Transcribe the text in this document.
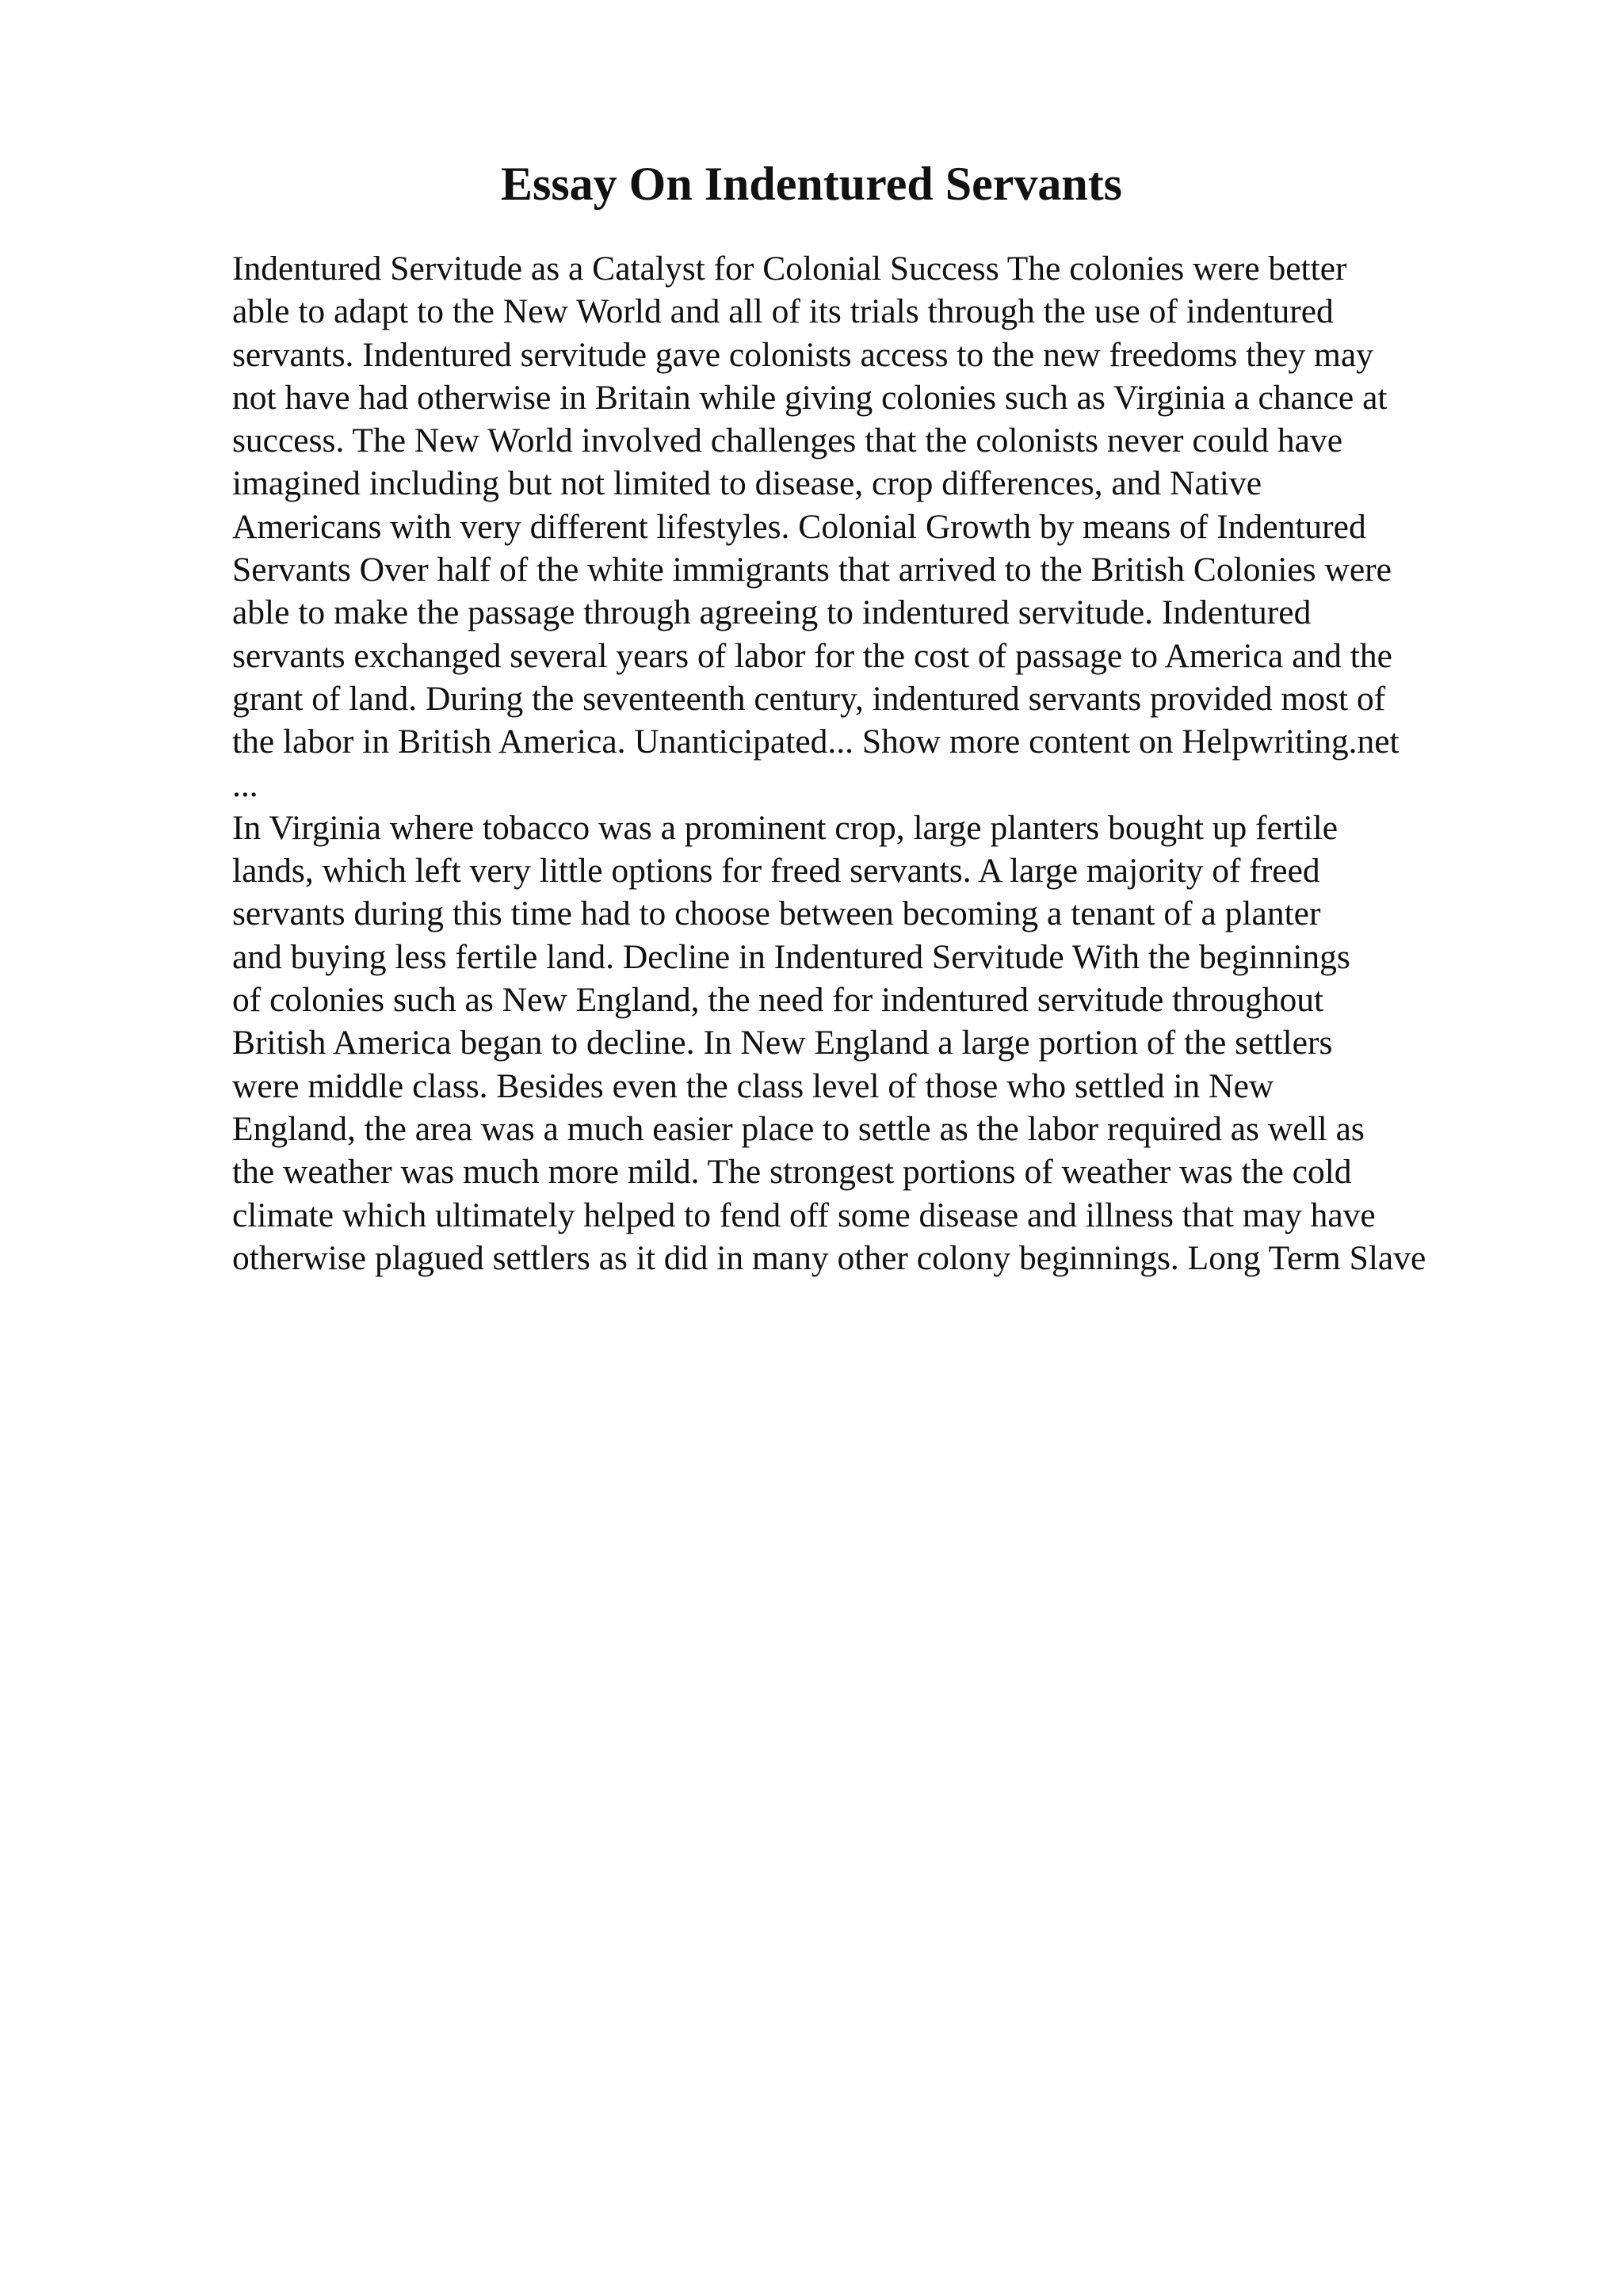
Essay On Indentured Servants

Indentured Servitude as a Catalyst for Colonial Success The colonies were better

able to adapt to the New World and all of its trials through the use of indentured

servants. Indentured servitude gave colonists access to the new freedoms they may

not have had otherwise in Britain while giving colonies such as Virginia a chance at

success. The New World involved challenges that the colonists never could have

imagined including but not limited to disease, crop differences, and Native

Americans with very different lifestyles. Colonial Growth by means of Indentured

Servants Over half of the white immigrants that arrived to the British Colonies were

able to make the passage through agreeing to indentured servitude. Indentured

servants exchanged several years of labor for the cost of passage to America and the

grant of land. During the seventeenth century, indentured servants provided most of

the labor in British America. Unanticipated... Show more content on Helpwriting.net

...

In Virginia where tobacco was a prominent crop, large planters bought up fertile

lands, which left very little options for freed servants. A large majority of freed

servants during this time had to choose between becoming a tenant of a planter

and buying less fertile land. Decline in Indentured Servitude With the beginnings

of colonies such as New England, the need for indentured servitude throughout

British America began to decline. In New England a large portion of the settlers

were middle class. Besides even the class level of those who settled in New

England, the area was a much easier place to settle as the labor required as well as

the weather was much more mild. The strongest portions of weather was the cold

climate which ultimately helped to fend off some disease and illness that may have

otherwise plagued settlers as it did in many other colony beginnings. Long Term Slave
